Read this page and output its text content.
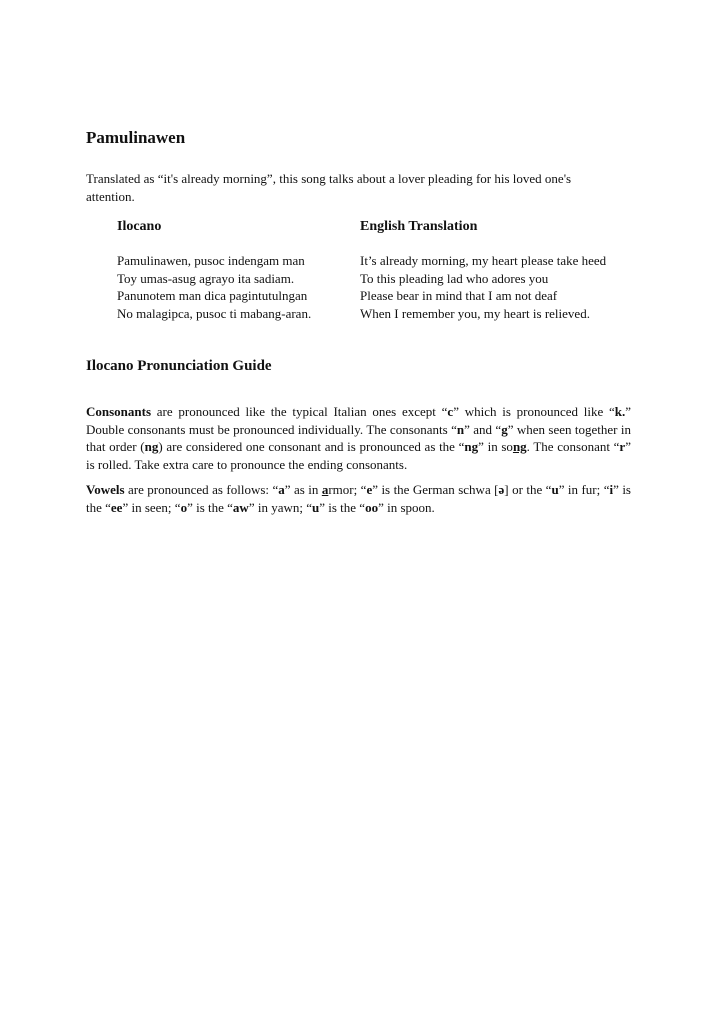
Pamulinawen

Translated as “it's already morning”, this song talks about a lover pleading for his loved one's attention.

Ilocano	English Translation
Pamulinawen, pusoc indengam man	It’s already morning, my heart please take heed
Toy umas-asug agrayo ita sadiam.	To this pleading lad who adores you
Panunotem man dica pagintutulngan	Please bear in mind that I am not deaf
No malagipca, pusoc ti mabang-aran.	When I remember you, my heart is relieved.
Ilocano Pronunciation Guide

Consonants are pronounced like the typical Italian ones except “c” which is pronounced like “k.” Double consonants must be pronounced individually. The consonants “n” and “g” when seen together in that order (ng) are considered one consonant and is pronounced as the “ng” in song. The consonant “r” is rolled. Take extra care to pronounce the ending consonants.

Vowels are pronounced as follows: “a” as in armor; “e” is the German schwa [ə] or the “u” in fur; “i” is the “ee” in seen; “o” is the “aw” in yawn; “u” is the “oo” in spoon.
